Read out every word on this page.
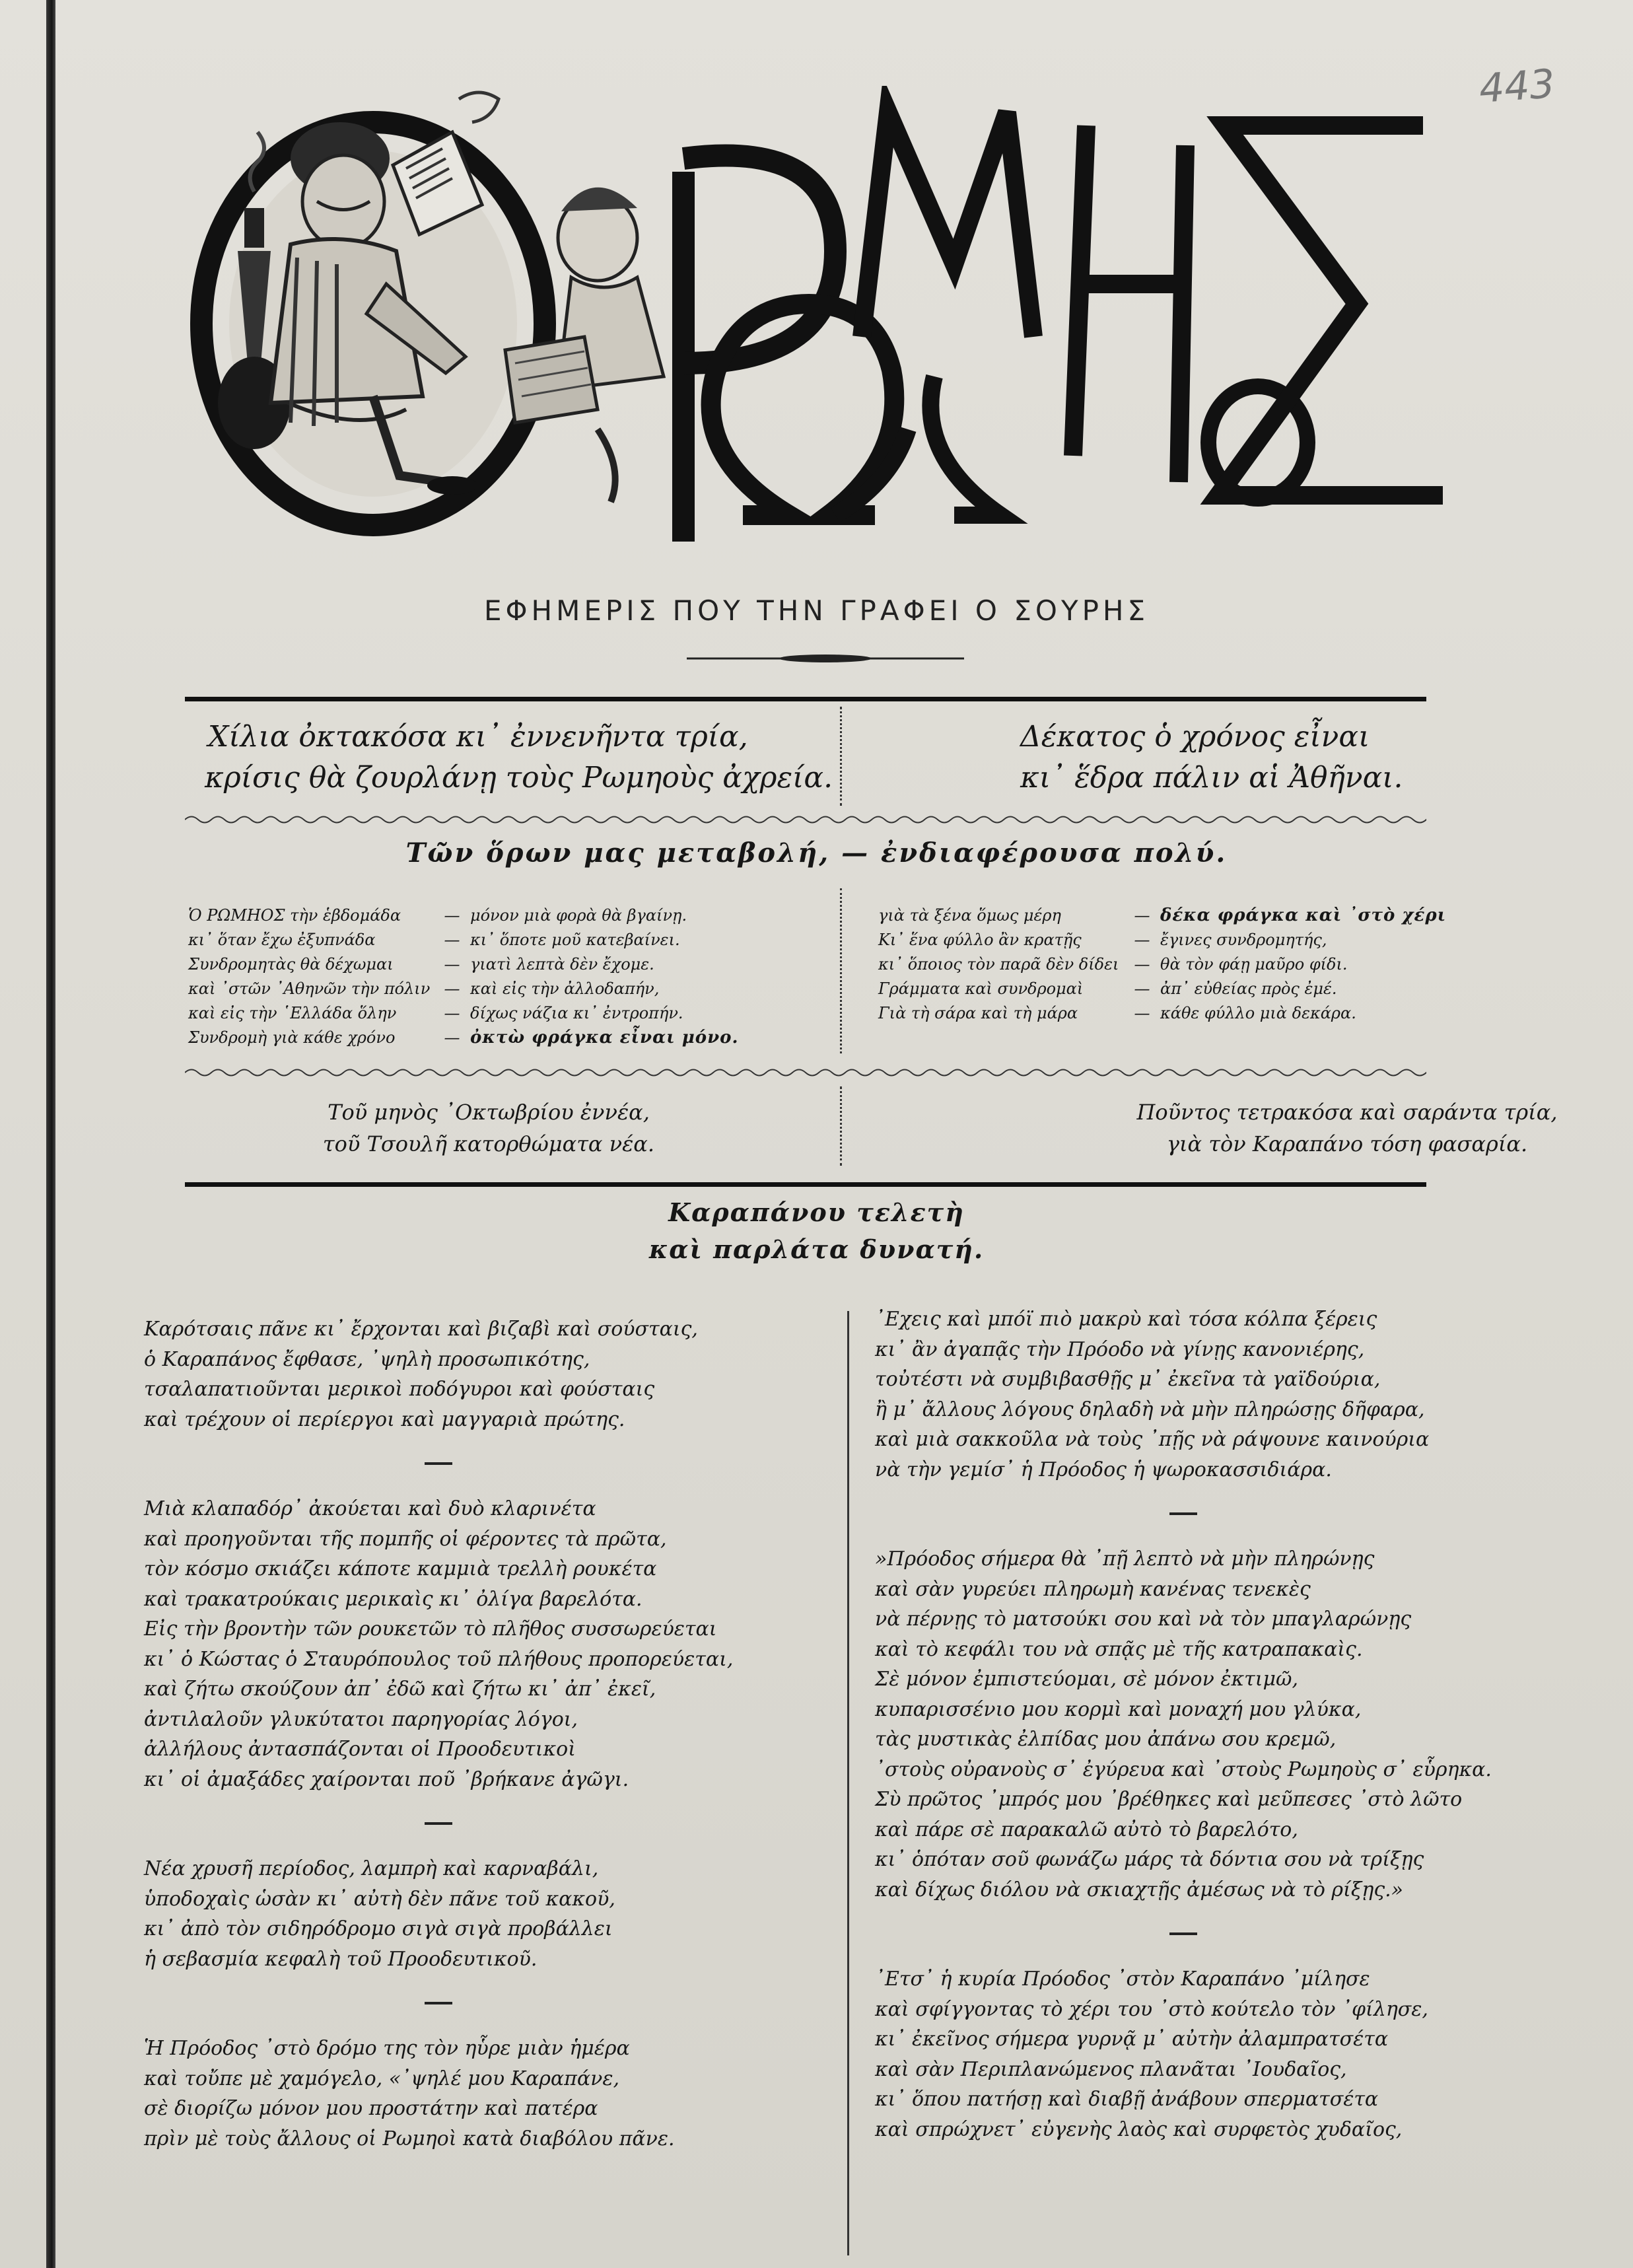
443
ΕΦΗΜΕΡΙΣ ΠΟΥ ΤΗΝ ΓΡΑΦΕΙ Ο ΣΟΥΡΗΣ
Χίλια ὀκτακόσα κι᾽ ἐννενῆντα τρία,
κρίσις θὰ ζουρλάνῃ τοὺς Ρωμηοὺς ἀχρεία.
Δέκατος ὁ χρόνος εἶναι
κι᾽ ἕδρα πάλιν αἱ Ἀθῆναι.
Τῶν ὅρων μας μεταβολή, — ἐνδιαφέρουσα πολύ.
Ὁ ΡΩΜΗΟΣ τὴν ἑβδομάδα	— μόνον μιὰ φορὰ θὰ βγαίνῃ.
κι᾽ ὅταν ἔχω ἐξυπνάδα	— κι᾽ ὅποτε μοῦ κατεβαίνει.
Συνδρομητὰς θὰ δέχωμαι	— γιατὶ λεπτὰ δὲν ἔχομε.
καὶ ᾽στῶν ᾽Αθηνῶν τὴν πόλιν — καὶ εἰς τὴν ἀλλοδαπήν,
καὶ εἰς τὴν ῾Ελλάδα ὅλην	— δίχως νάζια κι᾽ ἐντροπήν.
Συνδρομὴ γιὰ κάθε χρόνο	— ὀκτὼ φράγκα εἶναι μόνο.
γιὰ τὰ ξένα ὅμως μέρη	— δέκα φράγκα καὶ ᾽στὸ χέρι
Κι᾽ ἕνα φύλλο ἂν κρατῇς	— ἔγινες συνδρομητής,
κι᾽ ὅποιος τὸν παρᾶ δὲν δίδει — θὰ τὸν φάῃ μαῦρο φίδι.
Γράμματα καὶ συνδρομαὶ	— ἀπ᾽ εὐθείας πρὸς ἐμέ.
Γιὰ τὴ σάρα καὶ τὴ μάρα	— κάθε φύλλο μιὰ δεκάρα.
Τοῦ μηνὸς ᾽Οκτωβρίου ἐννέα,
τοῦ Τσουλῆ κατορθώματα νέα.
Ποῦντος τετρακόσα καὶ σαράντα τρία,
γιὰ τὸν Καραπάνο τόση φασαρία.
Καραπάνου τελετὴ
καὶ παρλάτα δυνατή.
Καρότσαις πᾶνε κι᾽ ἔρχονται καὶ βιζαβὶ καὶ σούσταις,
ὁ Καραπάνος ἔφθασε, ᾽ψηλὴ προσωπικότης,
τσαλαπατιοῦνται μερικοὶ ποδόγυροι καὶ φούσταις
καὶ τρέχουν οἱ περίεργοι καὶ μαγγαριὰ πρώτης.
Μιὰ κλαπαδόρ᾽ ἀκούεται καὶ δυὸ κλαρινέτα
καὶ προηγοῦνται τῆς πομπῆς οἱ φέροντες τὰ πρῶτα,
τὸν κόσμο σκιάζει κάποτε καμμιὰ τρελλὴ ρουκέτα
καὶ τρακατρούκαις μερικαὶς κι᾽ ὀλίγα βαρελότα.
Εἰς τὴν βροντὴν τῶν ρουκετῶν τὸ πλῆθος συσσωρεύεται
κι᾽ ὁ Κώστας ὁ Σταυρόπουλος τοῦ πλήθους προπορεύεται,
καὶ ζήτω σκούζουν ἀπ᾽ ἐδῶ καὶ ζήτω κι᾽ ἀπ᾽ ἐκεῖ,
ἀντιλαλοῦν γλυκύτατοι παρηγορίας λόγοι,
ἀλλήλους ἀντασπάζονται οἱ Προοδευτικοὶ
κι᾽ οἱ ἀμαξάδες χαίρονται ποῦ ᾽βρήκανε ἀγῶγι.
Νέα χρυσῆ περίοδος, λαμπρὴ καὶ καρναβάλι,
ὑποδοχαὶς ὡσὰν κι᾽ αὐτὴ δὲν πᾶνε τοῦ κακοῦ,
κι᾽ ἀπὸ τὸν σιδηρόδρομο σιγὰ σιγὰ προβάλλει
ἡ σεβασμία κεφαλὴ τοῦ Προοδευτικοῦ.
Ἡ Πρόοδος ᾽στὸ δρόμο της τὸν ηὗρε μιὰν ἡμέρα
καὶ τοὔπε μὲ χαμόγελο, «᾽ψηλέ μου Καραπάνε,
σὲ διορίζω μόνον μου προστάτην καὶ πατέρα
πρὶν μὲ τοὺς ἄλλους οἱ Ρωμηοὶ κατὰ διαβόλου πᾶνε.
᾽Εχεις καὶ μπόϊ πιὸ μακρὺ καὶ τόσα κόλπα ξέρεις
κι᾽ ἂν ἀγαπᾷς τὴν Πρόοδο νὰ γίνῃς κανονιέρης,
τοὐτέστι νὰ συμβιβασθῇς μ᾽ ἐκεῖνα τὰ γαϊδούρια,
ἢ μ᾽ ἄλλους λόγους δηλαδὴ νὰ μὴν πληρώσῃς δῆφαρα,
καὶ μιὰ σακκοῦλα νὰ τοὺς ᾽πῇς νὰ ράψουνε καινούρια
νὰ τὴν γεμίσ᾽ ἡ Πρόοδος ἡ ψωροκασσιδιάρα.
»Πρόοδος σήμερα θὰ ᾽πῇ λεπτὸ νὰ μὴν πληρώνῃς
καὶ σὰν γυρεύει πληρωμὴ κανένας τενεκὲς
νὰ πέρνῃς τὸ ματσούκι σου καὶ νὰ τὸν μπαγλαρώνῃς
καὶ τὸ κεφάλι του νὰ σπᾷς μὲ τῆς κατραπακαὶς.
Σὲ μόνον ἐμπιστεύομαι, σὲ μόνον ἐκτιμῶ,
κυπαρισσένιο μου κορμὶ καὶ μοναχή μου γλύκα,
τὰς μυστικὰς ἐλπίδας μου ἀπάνω σου κρεμῶ,
᾽στοὺς οὐρανοὺς σ᾽ ἐγύρευα καὶ ᾽στοὺς Ρωμηοὺς σ᾽ εὗρηκα.
Σὺ πρῶτος ᾽μπρός μου ᾽βρέθηκες καὶ μεῦπεσες ᾽στὸ λῶτο
καὶ πάρε σὲ παρακαλῶ αὐτὸ τὸ βαρελότο,
κι᾽ ὁπόταν σοῦ φωνάζω μάρς τὰ δόντια σου νὰ τρίξῃς
καὶ δίχως διόλου νὰ σκιαχτῇς ἀμέσως νὰ τὸ ρίξῃς.»
᾽Ετσ᾽ ἡ κυρία Πρόοδος ᾽στὸν Καραπάνο ᾽μίλησε
καὶ σφίγγοντας τὸ χέρι του ᾽στὸ κούτελο τὸν ᾽φίλησε,
κι᾽ ἐκεῖνος σήμερα γυρνᾷ μ᾽ αὐτὴν ἀλαμπρατσέτα
καὶ σὰν Περιπλανώμενος πλανᾶται ᾽Ιουδαῖος,
κι᾽ ὅπου πατήσῃ καὶ διαβῇ ἀνάβουν σπερματσέτα
καὶ σπρώχνετ᾽ εὐγενὴς λαὸς καὶ συρφετὸς χυδαῖος,
